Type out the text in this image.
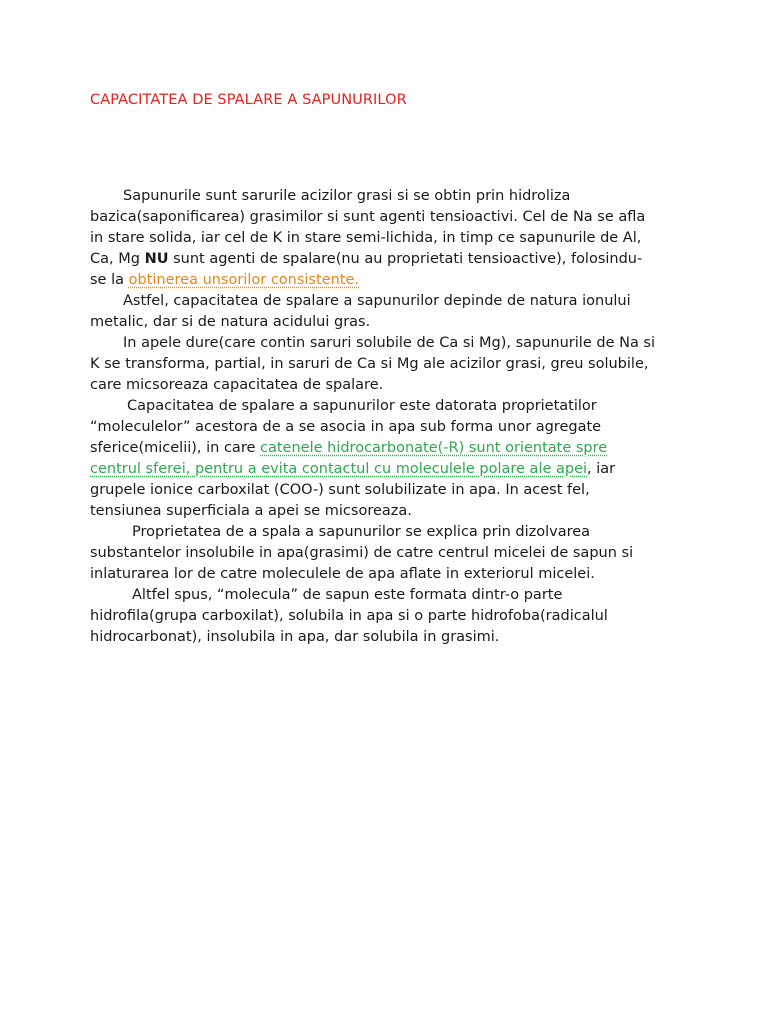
CAPACITATEA DE SPALARE A SAPUNURILOR
Sapunurile sunt sarurile acizilor grasi si se obtin prin hidroliza
bazica(saponificarea) grasimilor si sunt agenti tensioactivi. Cel de Na se afla
in stare solida, iar cel de K in stare semi-lichida, in timp ce sapunurile de Al,
Ca, Mg NU sunt agenti de spalare(nu au proprietati tensioactive), folosindu-
se la obtinerea unsorilor consistente.
Astfel, capacitatea de spalare a sapunurilor depinde de natura ionului
metalic, dar si de natura acidului gras.
In apele dure(care contin saruri solubile de Ca si Mg), sapunurile de Na si
K se transforma, partial, in saruri de Ca si Mg ale acizilor grasi, greu solubile,
care micsoreaza capacitatea de spalare.
Capacitatea de spalare a sapunurilor este datorata proprietatilor
“moleculelor” acestora de a se asocia in apa sub forma unor agregate
sferice(micelii), in care catenele hidrocarbonate(-R) sunt orientate spre
centrul sferei, pentru a evita contactul cu moleculele polare ale apei, iar
grupele ionice carboxilat (COO-) sunt solubilizate in apa. In acest fel,
tensiunea superficiala a apei se micsoreaza.
Proprietatea de a spala a sapunurilor se explica prin dizolvarea
substantelor insolubile in apa(grasimi) de catre centrul micelei de sapun si
inlaturarea lor de catre moleculele de apa aflate in exteriorul micelei.
Altfel spus, “molecula” de sapun este formata dintr-o parte
hidrofila(grupa carboxilat), solubila in apa si o parte hidrofoba(radicalul
hidrocarbonat), insolubila in apa, dar solubila in grasimi.
